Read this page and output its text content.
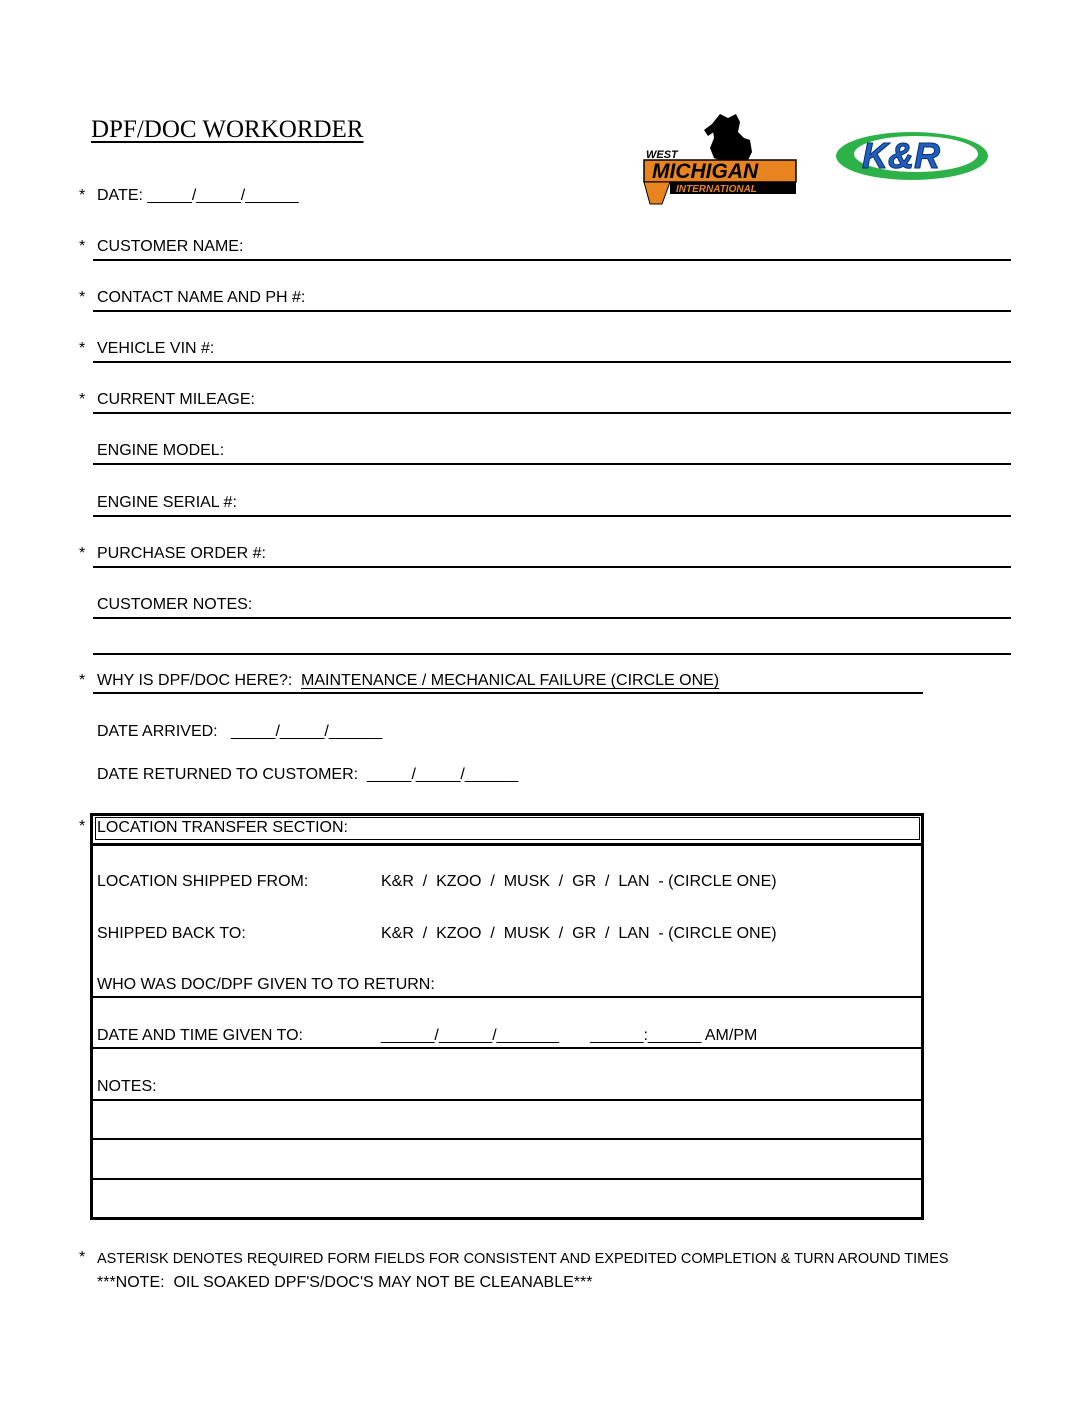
DPF/DOC WORKORDER
WEST
MICHIGAN
INTERNATIONAL
K&R
* DATE: _____/_____/______
* CUSTOMER NAME:
* CONTACT NAME AND PH #:
* VEHICLE VIN #:
* CURRENT MILEAGE:
ENGINE MODEL:
ENGINE SERIAL #:
* PURCHASE ORDER #:
CUSTOMER NOTES:
* WHY IS DPF/DOC HERE?: MAINTENANCE / MECHANICAL FAILURE (CIRCLE ONE)
DATE ARRIVED:   _____/_____/______
DATE RETURNED TO CUSTOMER:  _____/_____/______
* LOCATION TRANSFER SECTION:
LOCATION SHIPPED FROM:	K&R  /  KZOO  /  MUSK  /  GR  /  LAN  - (CIRCLE ONE)
SHIPPED BACK TO:	K&R  /  KZOO  /  MUSK  /  GR  /  LAN  - (CIRCLE ONE)
WHO WAS DOC/DPF GIVEN TO TO RETURN:
DATE AND TIME GIVEN TO:	______/______/_______       ______:______ AM/PM
NOTES:
* ASTERISK DENOTES REQUIRED FORM FIELDS FOR CONSISTENT AND EXPEDITED COMPLETION & TURN AROUND TIMES
***NOTE:  OIL SOAKED DPF'S/DOC'S MAY NOT BE CLEANABLE***
